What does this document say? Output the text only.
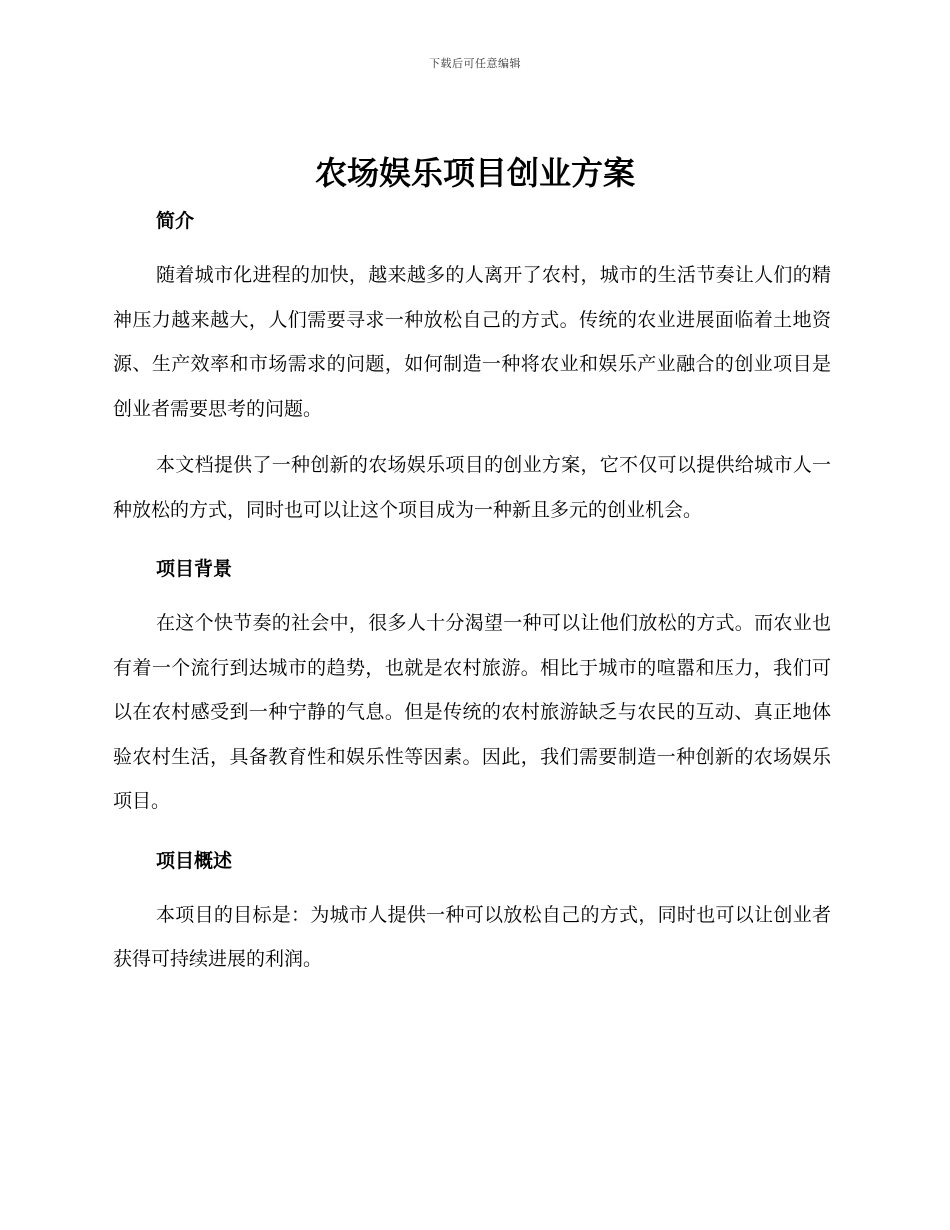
下载后可任意编辑
农场娱乐项目创业方案
简介

随着城市化进程的加快，越来越多的人离开了农村，城市的生活节奏让人们的精神压力越来越大，人们需要寻求一种放松自己的方式。传统的农业进展面临着土地资源、生产效率和市场需求的问题，如何制造一种将农业和娱乐产业融合的创业项目是创业者需要思考的问题。

本文档提供了一种创新的农场娱乐项目的创业方案，它不仅可以提供给城市人一种放松的方式，同时也可以让这个项目成为一种新且多元的创业机会。

项目背景

在这个快节奏的社会中，很多人十分渴望一种可以让他们放松的方式。而农业也有着一个流行到达城市的趋势，也就是农村旅游。相比于城市的喧嚣和压力，我们可以在农村感受到一种宁静的气息。但是传统的农村旅游缺乏与农民的互动、真正地体验农村生活，具备教育性和娱乐性等因素。因此，我们需要制造一种创新的农场娱乐项目。

项目概述

本项目的目标是：为城市人提供一种可以放松自己的方式，同时也可以让创业者获得可持续进展的利润。
